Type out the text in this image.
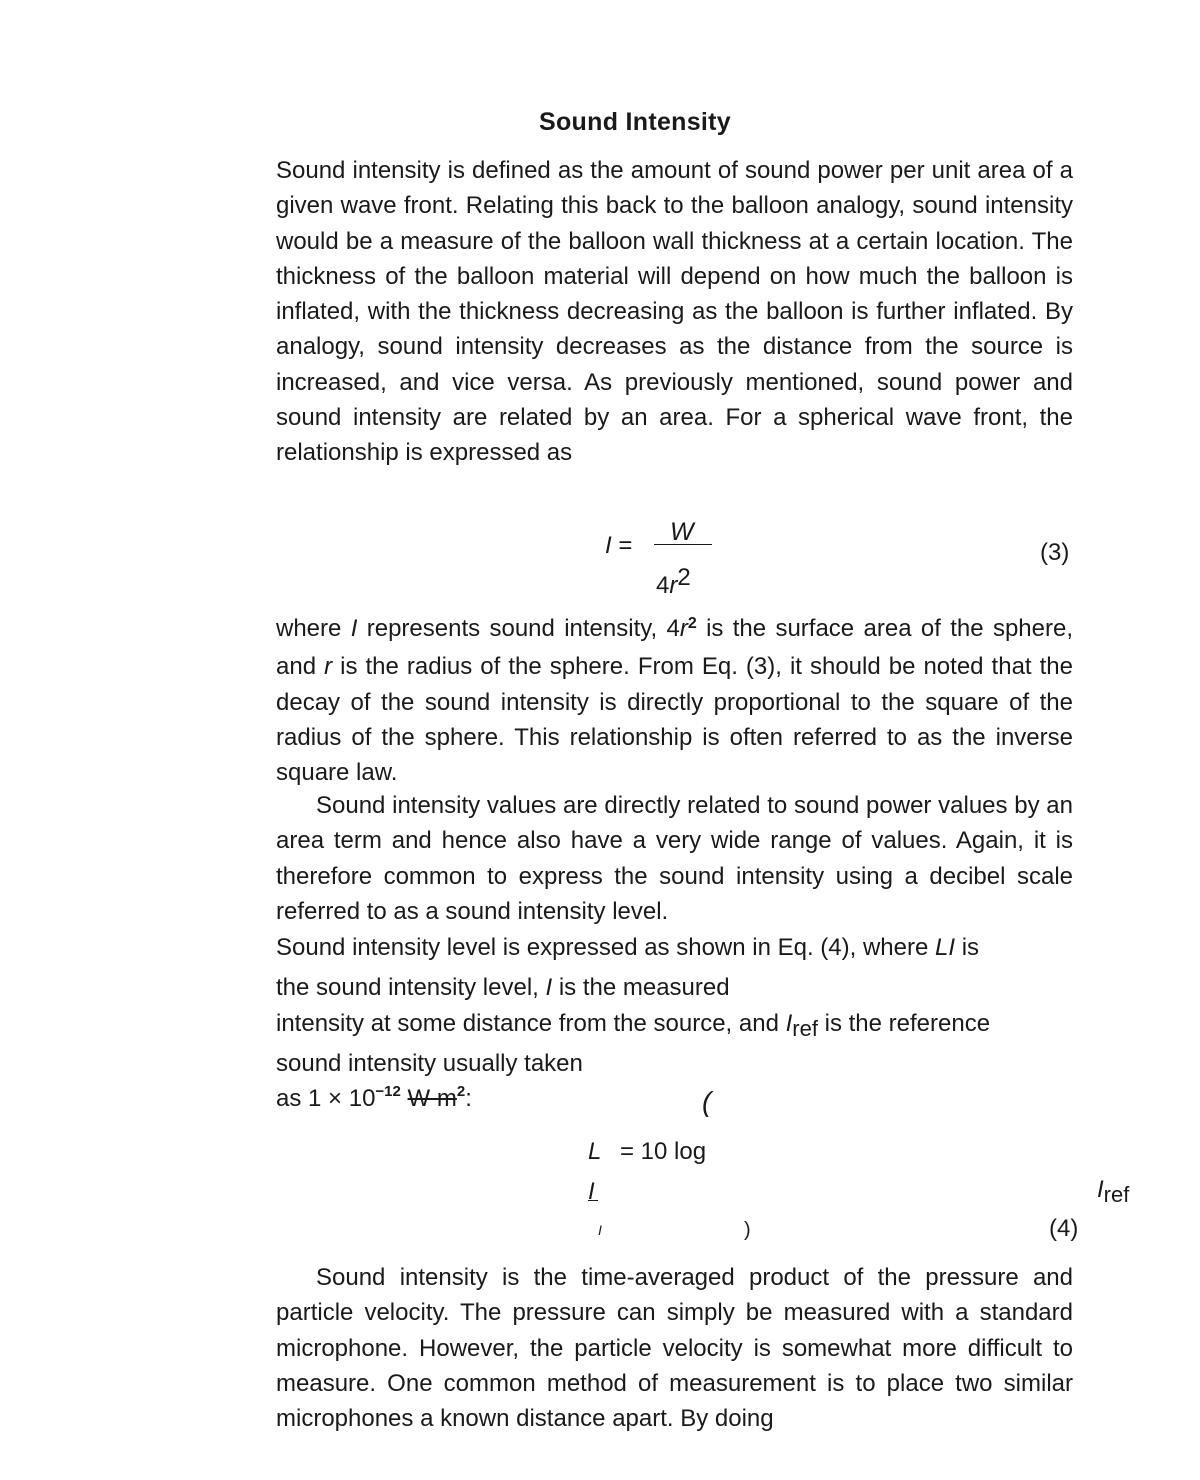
Sound Intensity

Sound intensity is defined as the amount of sound power per unit area of a given wave front. Relating this back to the balloon analogy, sound intensity would be a measure of the balloon wall thickness at a certain location. The thickness of the balloon material will depend on how much the balloon is inflated, with the thickness decreasing as the balloon is further inflated. By analogy, sound intensity decreases as the distance from the source is increased, and vice versa. As previously mentioned, sound power and sound intensity are related by an area. For a spherical wave front, the relationship is expressed as

I = W
4r2
(3)

where I represents sound intensity, $4r^2$ is the surface area of the sphere, and r is the radius of the sphere. From Eq. (3), it should be noted that the decay of the sound intensity is directly proportional to the square of the radius of the sphere. This relationship is often referred to as the inverse square law.

Sound intensity values are directly related to sound power values by an area term and hence also have a very wide range of values. Again, it is therefore common to express the sound intensity using a decibel scale referred to as a sound intensity level.

Sound intensity level is expressed as shown in Eq. (4), where LI is
the sound intensity level, I is the measured
intensity at some distance from the source, and Iref is the reference
sound intensity usually taken
as $1 \times 10^{-12}$ W $m^2$:	(
L = 10 log
I	Iref
I	)	(4)

Sound intensity is the time-averaged product of the pressure and particle velocity. The pressure can simply be measured with a standard microphone. However, the particle velocity is somewhat more difficult to measure. One common method of measurement is to place two similar microphones a known distance apart. By doing
